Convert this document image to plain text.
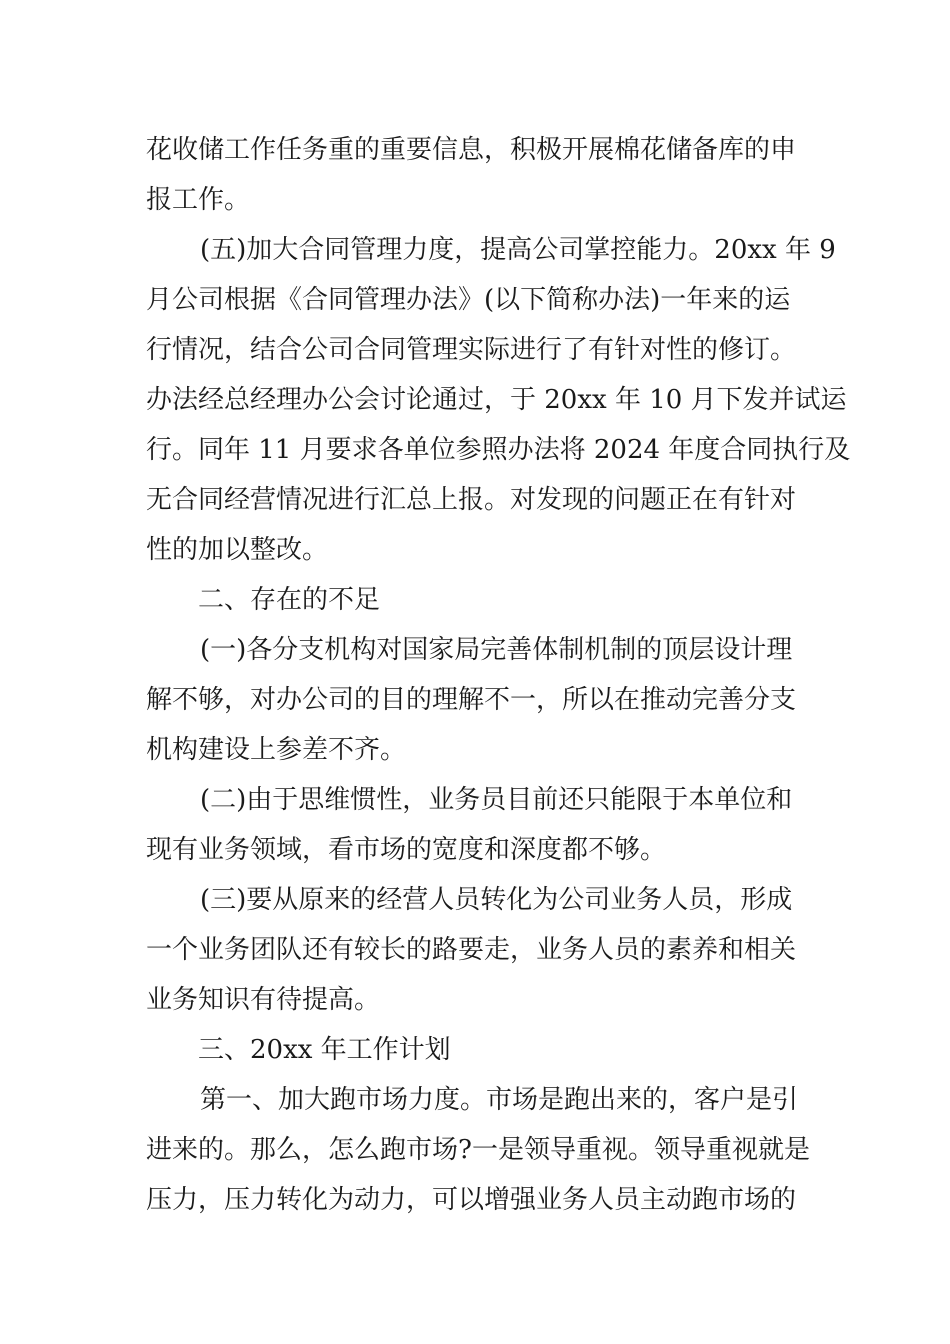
花收储工作任务重的重要信息，积极开展棉花储备库的申
报工作。
(五)加大合同管理力度，提高公司掌控能力。20xx 年 9
月公司根据《合同管理办法》(以下简称办法)一年来的运
行情况，结合公司合同管理实际进行了有针对性的修订。
办法经总经理办公会讨论通过，于 20xx 年 10 月下发并试运
行。同年 11 月要求各单位参照办法将 2024 年度合同执行及
无合同经营情况进行汇总上报。对发现的问题正在有针对
性的加以整改。
二、存在的不足
(一)各分支机构对国家局完善体制机制的顶层设计理
解不够，对办公司的目的理解不一，所以在推动完善分支
机构建设上参差不齐。
(二)由于思维惯性，业务员目前还只能限于本单位和
现有业务领域，看市场的宽度和深度都不够。
(三)要从原来的经营人员转化为公司业务人员，形成
一个业务团队还有较长的路要走，业务人员的素养和相关
业务知识有待提高。
三、20xx 年工作计划
第一、加大跑市场力度。市场是跑出来的，客户是引
进来的。那么，怎么跑市场?一是领导重视。领导重视就是
压力，压力转化为动力，可以增强业务人员主动跑市场的
